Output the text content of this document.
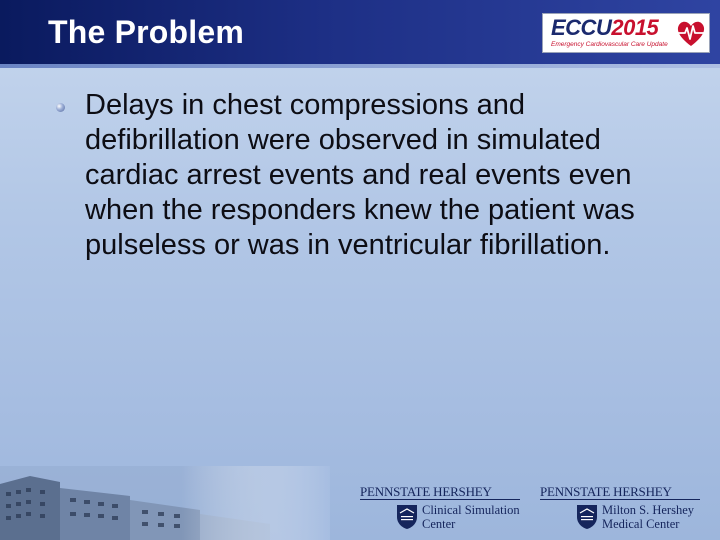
The Problem	ECCU2015
Emergency Cardiovascular Care Update
Delays in chest compressions and defibrillation were observed in simulated cardiac arrest events and real events even when the responders knew the patient was pulseless or was in ventricular fibrillation.
PENNSTATE HERSHEY
Clinical Simulation
Center
PENNSTATE HERSHEY
Milton S. Hershey
Medical Center
